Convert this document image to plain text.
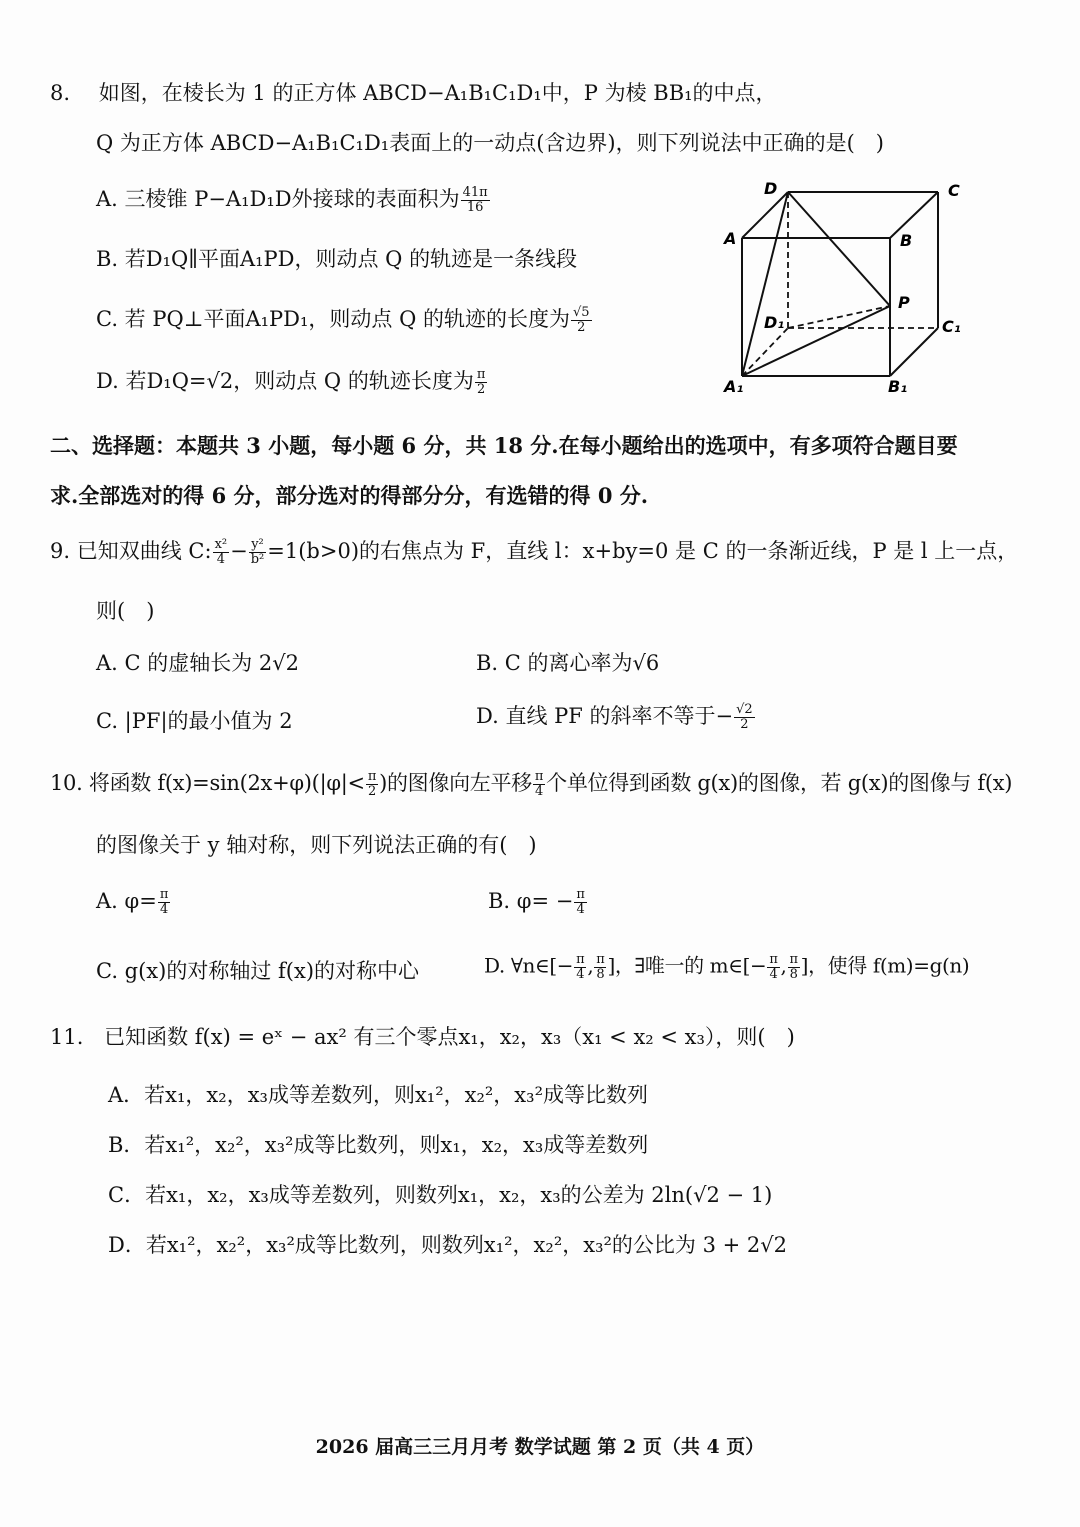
8. 如图，在棱长为 1 的正方体 ABCD−A₁B₁C₁D₁中，P 为棱 BB₁的中点，
Q 为正方体 ABCD−A₁B₁C₁D₁表面上的一动点(含边界)，则下列说法中正确的是(　)
A. 三棱锥 P−A₁D₁D外接球的表面积为 $\frac{41\pi}{16}$
B. 若D₁Q∥平面A₁PD，则动点 Q 的轨迹是一条线段
C. 若 PQ⊥平面A₁PD₁，则动点 Q 的轨迹的长度为 $\frac{√5}{2}$
D. 若D₁Q=√2，则动点 Q 的轨迹长度为 $\frac{\pi}{2}$
D	C
A	B
P
D₁	C₁
A₁	B₁
二、选择题：本题共 3 小题，每小题 6 分，共 18 分.在每小题给出的选项中，有多项符合题目要
求.全部选对的得 6 分，部分选对的得部分分，有选错的得 0 分.
9. 已知双曲线 C: $\frac{\text{x²}}{4} - \frac{\text{y²}}{\text{b²}} =1(b>0)$的右焦点为 F，直线 l：x+by=0 是 C 的一条渐近线，P 是 l 上一点，
则(　)
A. C 的虚轴长为 2√2	B. C 的离心率为√6
C. |PF|的最小值为 2	D. 直线 PF 的斜率不等于− $\frac{√2}{2}$
10. 将函数 $f(x)=\sin(2x+\varphi)(|\varphi|< \frac{\pi}{2}$ )的图像向左平移 $\frac{\pi}{4}$ 个单位得到函数 g(x)的图像，若 g(x)的图像与 f(x)
的图像关于 y 轴对称，则下列说法正确的有(　)
A. $\varphi= \frac{\pi}{4}$	B. $\varphi= - \frac{\pi}{4}$
C. g(x)的对称轴过 f(x)的对称中心	D. ∀n∈[− $\frac{\pi}{4}$ , $\frac{\pi}{8}$ ]，∃唯一的 m∈[− $\frac{\pi}{4}$ , $\frac{\pi}{8}$ ]，使得 f(m)=g(n)
11. 已知函数 f(x) = eˣ − ax² 有三个零点x₁，x₂，x₃（x₁ < x₂ < x₃），则(　)
A．若x₁，x₂，x₃成等差数列，则x₁²，x₂²，x₃²成等比数列
B．若x₁²，x₂²，x₃²成等比数列，则x₁，x₂，x₃成等差数列
C．若x₁，x₂，x₃成等差数列，则数列x₁，x₂，x₃的公差为 2ln(√2 − 1)
D．若x₁²，x₂²，x₃²成等比数列，则数列x₁²，x₂²，x₃²的公比为 3 + 2√2
2026 届高三三月月考 数学试题 第 2 页（共 4 页）
